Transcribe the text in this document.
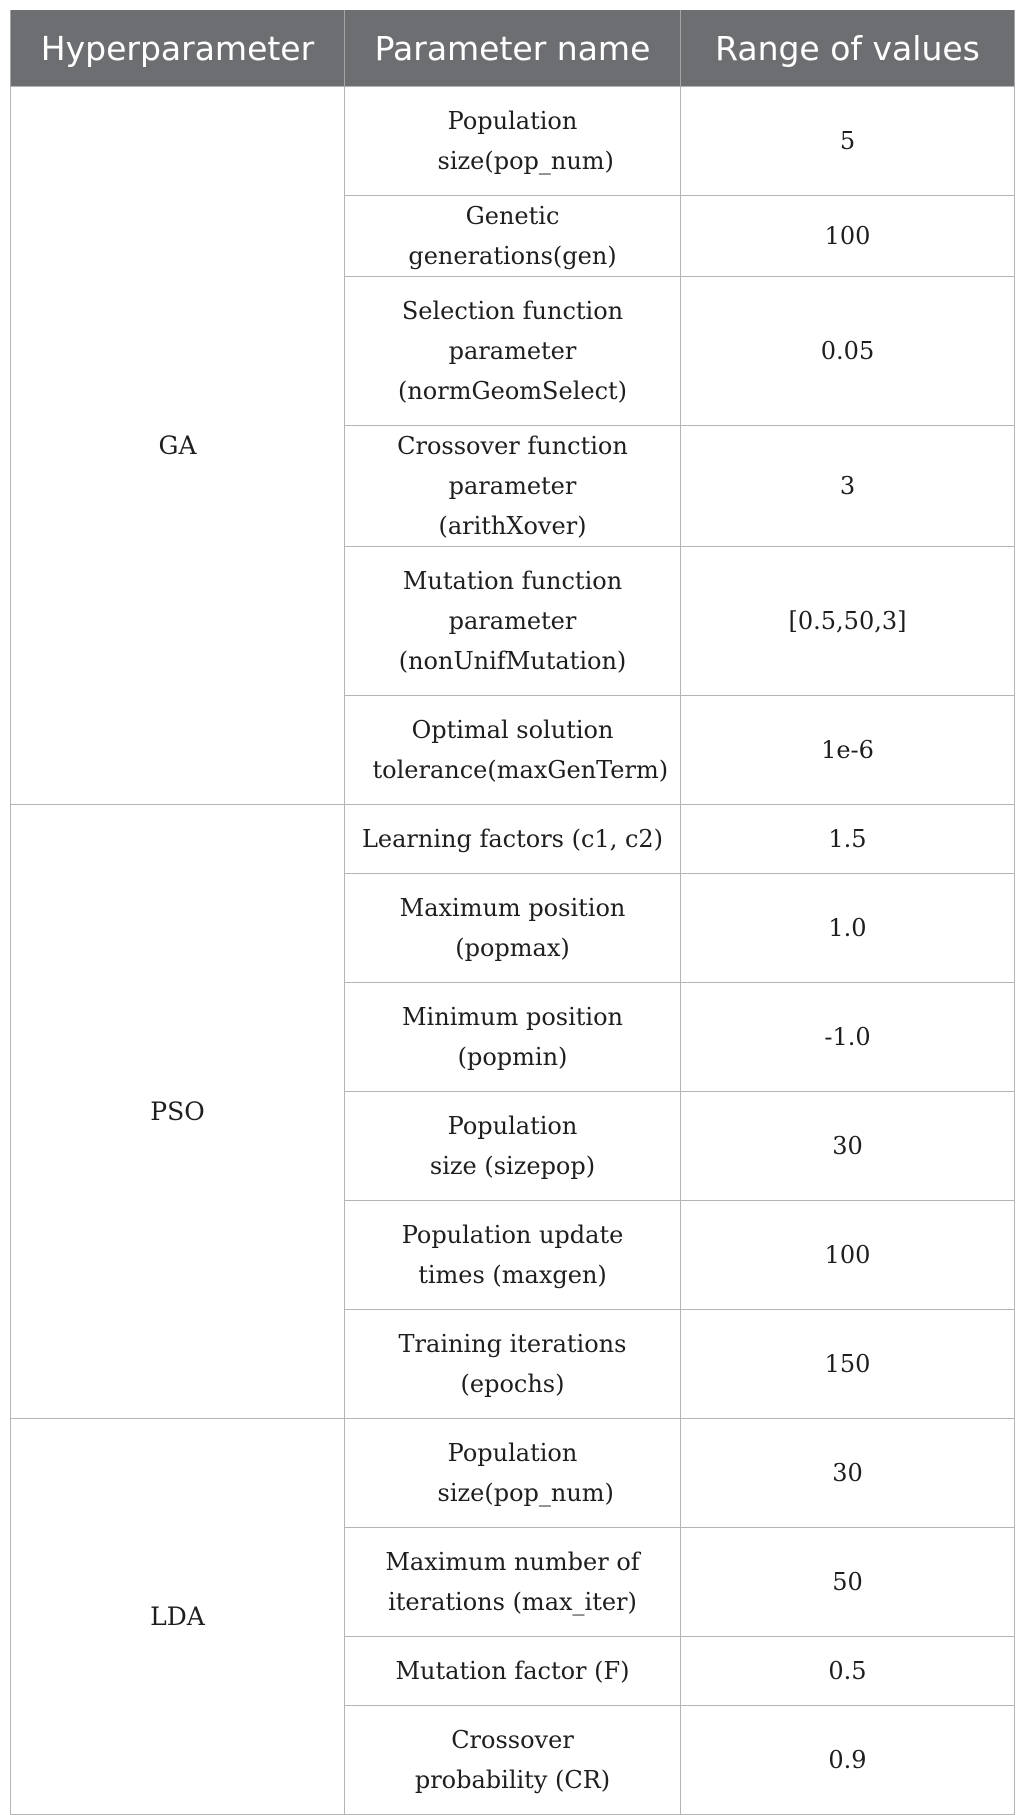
Hyperparameter	Parameter name	Range of values
GA	Population size(pop_num)	5
	Genetic generations(gen)	100

	Selection function parameter (normGeomSelect)	0.05

	Crossover function parameter (arithXover)	3

	Mutation function parameter (nonUnifMutation)	[0.5,50,3]

	Optimal solution tolerance(maxGenTerm)	1e-6
PSO	Learning factors (c1, c2)	1.5

	Maximum position (popmax)	1.0

	Minimum position (popmin)	-1.0

	Population size (sizepop)	30

	Population update times (maxgen)	100

	Training iterations (epochs)	150
LDA	Population size(pop_num)	30

	Maximum number of iterations (max_iter)	50
	Mutation factor (F)	0.5

	Crossover probability (CR)	0.9
